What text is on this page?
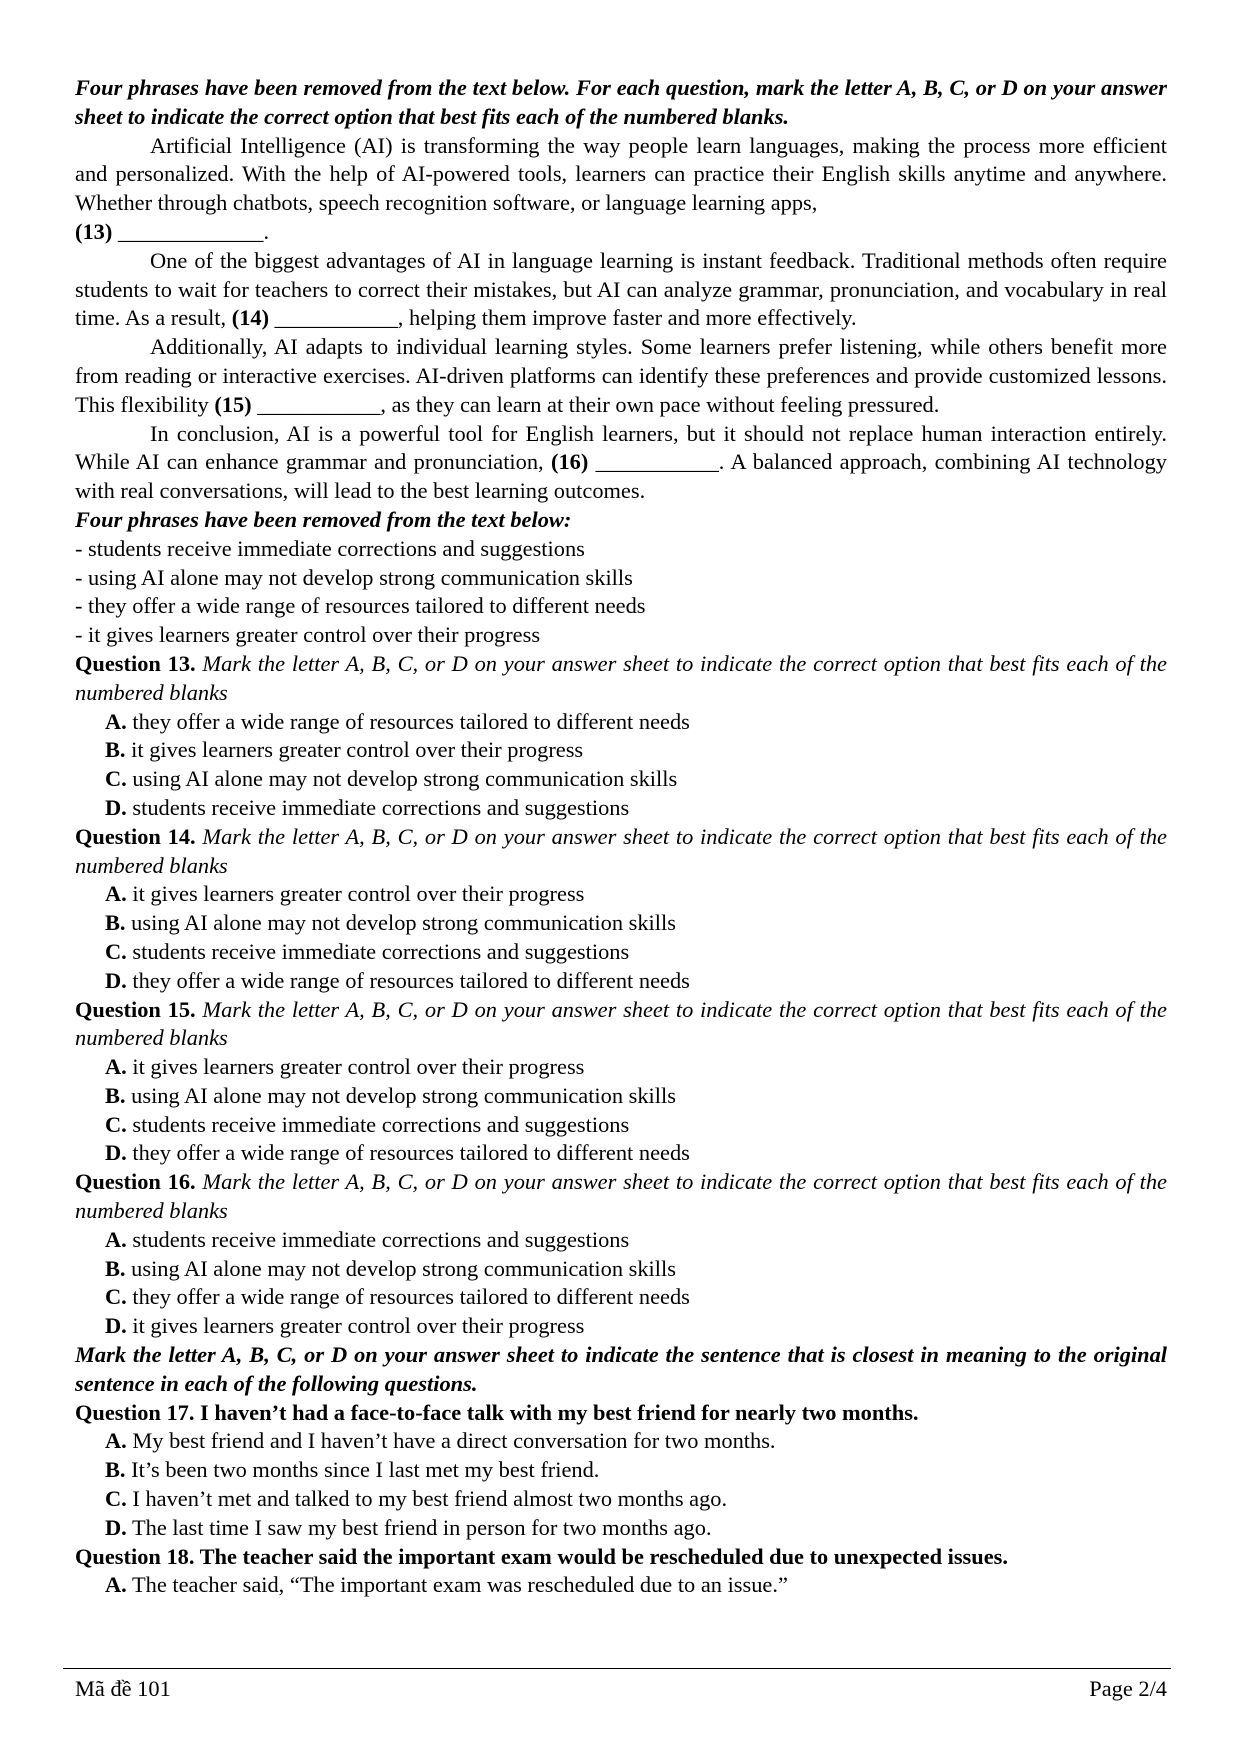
Four phrases have been removed from the text below. For each question, mark the letter A, B, C, or D on your answer sheet to indicate the correct option that best fits each of the numbered blanks.

Artificial Intelligence (AI) is transforming the way people learn languages, making the process more efficient and personalized. With the help of AI-powered tools, learners can practice their English skills anytime and anywhere. Whether through chatbots, speech recognition software, or language learning apps,
(13) _____________.

One of the biggest advantages of AI in language learning is instant feedback. Traditional methods often require students to wait for teachers to correct their mistakes, but AI can analyze grammar, pronunciation, and vocabulary in real time. As a result, (14) ___________, helping them improve faster and more effectively.

Additionally, AI adapts to individual learning styles. Some learners prefer listening, while others benefit more from reading or interactive exercises. AI-driven platforms can identify these preferences and provide customized lessons. This flexibility (15) ___________, as they can learn at their own pace without feeling pressured.

In conclusion, AI is a powerful tool for English learners, but it should not replace human interaction entirely. While AI can enhance grammar and pronunciation, (16) ___________. A balanced approach, combining AI technology with real conversations, will lead to the best learning outcomes.

Four phrases have been removed from the text below:

- students receive immediate corrections and suggestions

- using AI alone may not develop strong communication skills

- they offer a wide range of resources tailored to different needs

- it gives learners greater control over their progress

Question 13. Mark the letter A, B, C, or D on your answer sheet to indicate the correct option that best fits each of the numbered blanks

A. they offer a wide range of resources tailored to different needs

B. it gives learners greater control over their progress

C. using AI alone may not develop strong communication skills

D. students receive immediate corrections and suggestions

Question 14. Mark the letter A, B, C, or D on your answer sheet to indicate the correct option that best fits each of the numbered blanks

A. it gives learners greater control over their progress

B. using AI alone may not develop strong communication skills

C. students receive immediate corrections and suggestions

D. they offer a wide range of resources tailored to different needs

Question 15. Mark the letter A, B, C, or D on your answer sheet to indicate the correct option that best fits each of the numbered blanks

A. it gives learners greater control over their progress

B. using AI alone may not develop strong communication skills

C. students receive immediate corrections and suggestions

D. they offer a wide range of resources tailored to different needs

Question 16. Mark the letter A, B, C, or D on your answer sheet to indicate the correct option that best fits each of the numbered blanks

A. students receive immediate corrections and suggestions

B. using AI alone may not develop strong communication skills

C. they offer a wide range of resources tailored to different needs

D. it gives learners greater control over their progress

Mark the letter A, B, C, or D on your answer sheet to indicate the sentence that is closest in meaning to the original sentence in each of the following questions.

Question 17. I haven’t had a face-to-face talk with my best friend for nearly two months.

A. My best friend and I haven’t have a direct conversation for two months.

B. It’s been two months since I last met my best friend.

C. I haven’t met and talked to my best friend almost two months ago.

D. The last time I saw my best friend in person for two months ago.

Question 18. The teacher said the important exam would be rescheduled due to unexpected issues.

A. The teacher said, “The important exam was rescheduled due to an issue.”

Mã đề 101	Page 2/4
